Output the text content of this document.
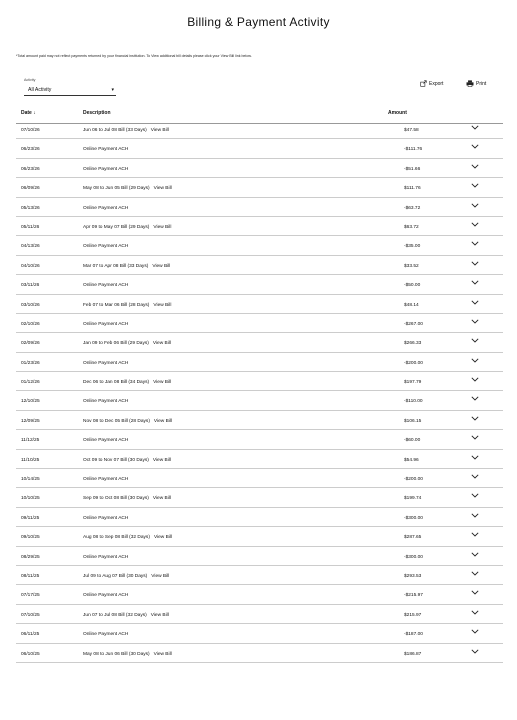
Billing & Payment Activity
*Total amount paid may not reflect payments returned by your financial institution. To View additional bill details please click your View Bill link below.
Activity
All Activity	▾
Export	Print
Date ↓	Description	Amount
07/10/26	Jun 06 to Jul 08 Bill (33 Days) View Bill	$47.58
06/23/26	Online Payment ACH	-$111.76
06/23/26	Online Payment ACH	-$51.66
06/09/26	May 08 to Jun 05 Bill (29 Days) View Bill	$111.76
05/13/26	Online Payment ACH	-$63.72
05/11/26	Apr 09 to May 07 Bill (29 Days) View Bill	$63.72
04/13/26	Online Payment ACH	-$35.00
04/10/26	Mar 07 to Apr 08 Bill (33 Days) View Bill	$33.52
03/11/26	Online Payment ACH	-$50.00
03/10/26	Feb 07 to Mar 06 Bill (28 Days) View Bill	$48.14
02/10/26	Online Payment ACH	-$267.00
02/09/26	Jan 09 to Feb 06 Bill (29 Days) View Bill	$266.33
01/23/26	Online Payment ACH	-$200.00
01/12/26	Dec 06 to Jan 08 Bill (34 Days) View Bill	$197.79
12/10/25	Online Payment ACH	-$110.00
12/09/25	Nov 08 to Dec 05 Bill (28 Days) View Bill	$106.15
11/12/25	Online Payment ACH	-$60.00
11/10/25	Oct 09 to Nov 07 Bill (30 Days) View Bill	$54.96
10/14/25	Online Payment ACH	-$200.00
10/10/25	Sep 09 to Oct 08 Bill (30 Days) View Bill	$199.74
09/11/25	Online Payment ACH	-$300.00
09/10/25	Aug 08 to Sep 08 Bill (32 Days) View Bill	$287.65
08/29/25	Online Payment ACH	-$300.00
08/11/25	Jul 09 to Aug 07 Bill (30 Days) View Bill	$293.53
07/17/25	Online Payment ACH	-$215.97
07/10/25	Jun 07 to Jul 08 Bill (32 Days) View Bill	$215.97
06/11/25	Online Payment ACH	-$187.00
06/10/25	May 08 to Jun 06 Bill (30 Days) View Bill	$186.87
